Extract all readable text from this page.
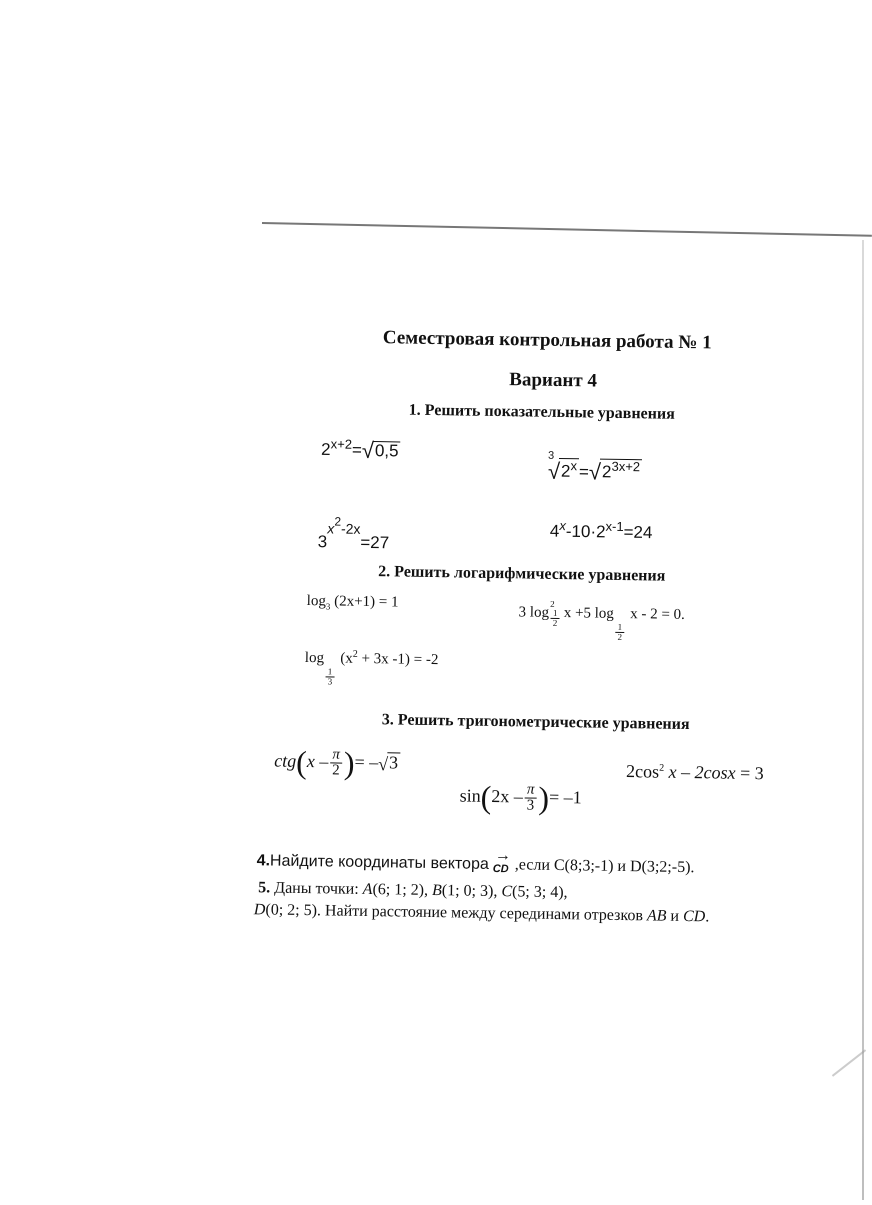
Семестровая контрольная работа № 1
Вариант 4
1. Решить показательные уравнения
$2^{x+2}=√0,5$	$^3√2^x=√2^{3x+2}$
$3^{x2-2x}=27$
$4^x-10\cdot 2^{x-1}=24$
2. Решить логарифмические уравнения
$\log_3 (2x+1) = 1$
3 log
2
$\frac{1}{2}$ x +5 log
$\frac{1}{2}$
x - 2 = 0.
log
$\frac{1}{3}$
($x^2 + 3x$ -1) = -2
3. Решить тригонометрические уравнения
$ctg(x - \frac{\pi}{2}$ )= –√3
$\sin(2x - \frac{\pi}{3}$ )= –1
$2\cos^2$ x – 2cosx = 3
4.Найдите координаты вектора →
CD ,если C(8;3;-1) и D(3;2;-5).
5. Даны точки: A(6; 1; 2), B(1; 0; 3), C(5; 3; 4),
D(0; 2; 5). Найти расстояние между серединами отрезков AB и CD.
